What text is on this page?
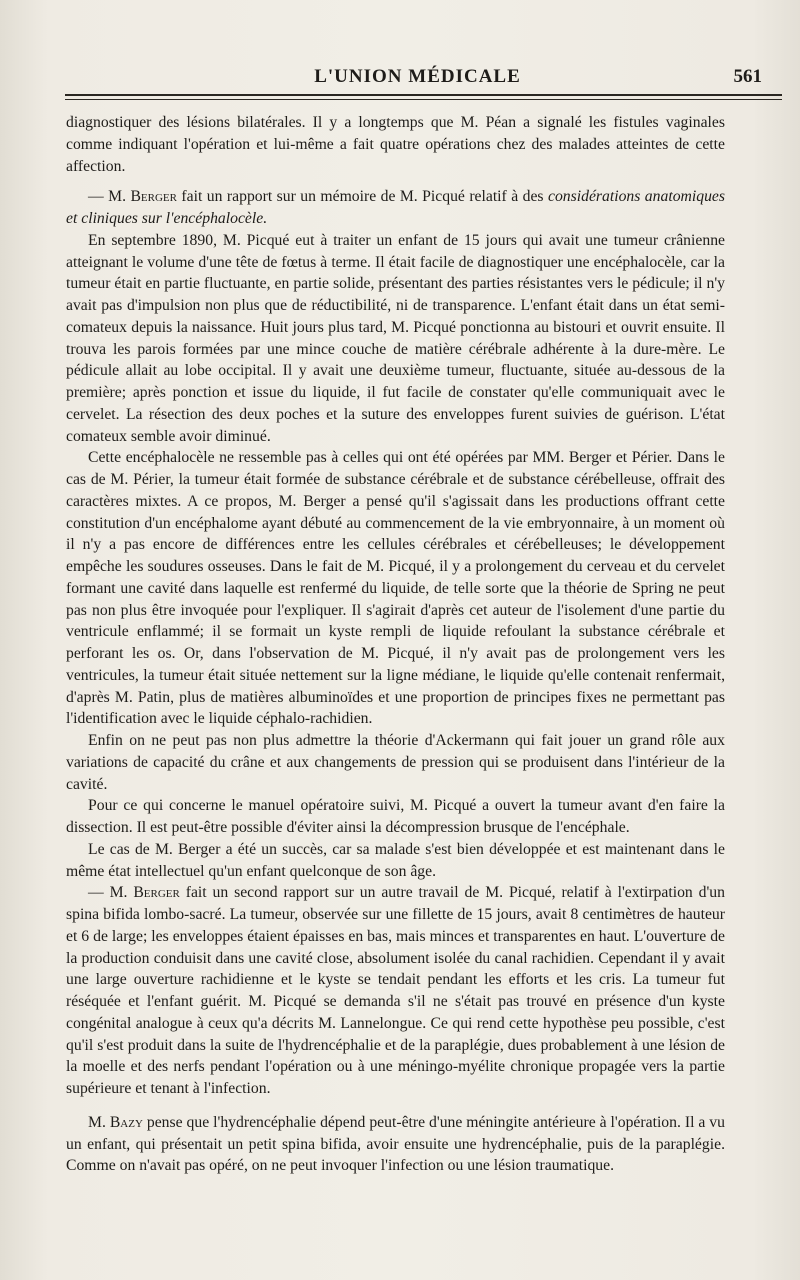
L'UNION MÉDICALE	561

diagnostiquer des lésions bilatérales. Il y a longtemps que M. Péan a signalé les fistules vaginales comme indiquant l'opération et lui-même a fait quatre opérations chez des malades atteintes de cette affection.

— M. Berger fait un rapport sur un mémoire de M. Picqué relatif à des considérations anatomiques et cliniques sur l'encéphalocèle.

En septembre 1890, M. Picqué eut à traiter un enfant de 15 jours qui avait une tumeur crânienne atteignant le volume d'une tête de fœtus à terme. Il était facile de diagnostiquer une encéphalocèle, car la tumeur était en partie fluctuante, en partie solide, présentant des parties résistantes vers le pédicule; il n'y avait pas d'impulsion non plus que de réductibilité, ni de transparence. L'enfant était dans un état semi-comateux depuis la naissance. Huit jours plus tard, M. Picqué ponctionna au bistouri et ouvrit ensuite. Il trouva les parois formées par une mince couche de matière cérébrale adhérente à la dure-mère. Le pédicule allait au lobe occipital. Il y avait une deuxième tumeur, fluctuante, située au-dessous de la première; après ponction et issue du liquide, il fut facile de constater qu'elle communiquait avec le cervelet. La résection des deux poches et la suture des enveloppes furent suivies de guérison. L'état comateux semble avoir diminué.

Cette encéphalocèle ne ressemble pas à celles qui ont été opérées par MM. Berger et Périer. Dans le cas de M. Périer, la tumeur était formée de substance cérébrale et de substance cérébelleuse, offrait des caractères mixtes. A ce propos, M. Berger a pensé qu'il s'agissait dans les productions offrant cette constitution d'un encéphalome ayant débuté au commencement de la vie embryonnaire, à un moment où il n'y a pas encore de différences entre les cellules cérébrales et cérébelleuses; le développement empêche les soudures osseuses. Dans le fait de M. Picqué, il y a prolongement du cerveau et du cervelet formant une cavité dans laquelle est renfermé du liquide, de telle sorte que la théorie de Spring ne peut pas non plus être invoquée pour l'expliquer. Il s'agirait d'après cet auteur de l'isolement d'une partie du ventricule enflammé; il se formait un kyste rempli de liquide refoulant la substance cérébrale et perforant les os. Or, dans l'observation de M. Picqué, il n'y avait pas de prolongement vers les ventricules, la tumeur était située nettement sur la ligne médiane, le liquide qu'elle contenait renfermait, d'après M. Patin, plus de matières albuminoïdes et une proportion de principes fixes ne permettant pas l'identification avec le liquide céphalo-rachidien.

Enfin on ne peut pas non plus admettre la théorie d'Ackermann qui fait jouer un grand rôle aux variations de capacité du crâne et aux changements de pression qui se produisent dans l'intérieur de la cavité.

Pour ce qui concerne le manuel opératoire suivi, M. Picqué a ouvert la tumeur avant d'en faire la dissection. Il est peut-être possible d'éviter ainsi la décompression brusque de l'encéphale.

Le cas de M. Berger a été un succès, car sa malade s'est bien développée et est maintenant dans le même état intellectuel qu'un enfant quelconque de son âge.

— M. Berger fait un second rapport sur un autre travail de M. Picqué, relatif à l'extirpation d'un spina bifida lombo-sacré. La tumeur, observée sur une fillette de 15 jours, avait 8 centimètres de hauteur et 6 de large; les enveloppes étaient épaisses en bas, mais minces et transparentes en haut. L'ouverture de la production conduisit dans une cavité close, absolument isolée du canal rachidien. Cependant il y avait une large ouverture rachidienne et le kyste se tendait pendant les efforts et les cris. La tumeur fut réséquée et l'enfant guérit. M. Picqué se demanda s'il ne s'était pas trouvé en présence d'un kyste congénital analogue à ceux qu'a décrits M. Lannelongue. Ce qui rend cette hypothèse peu possible, c'est qu'il s'est produit dans la suite de l'hydrencéphalie et de la paraplégie, dues probablement à une lésion de la moelle et des nerfs pendant l'opération ou à une méningo-myélite chronique propagée vers la partie supérieure et tenant à l'infection.

M. Bazy pense que l'hydrencéphalie dépend peut-être d'une méningite antérieure à l'opération. Il a vu un enfant, qui présentait un petit spina bifida, avoir ensuite une hydrencéphalie, puis de la paraplégie. Comme on n'avait pas opéré, on ne peut invoquer l'infection ou une lésion traumatique.
